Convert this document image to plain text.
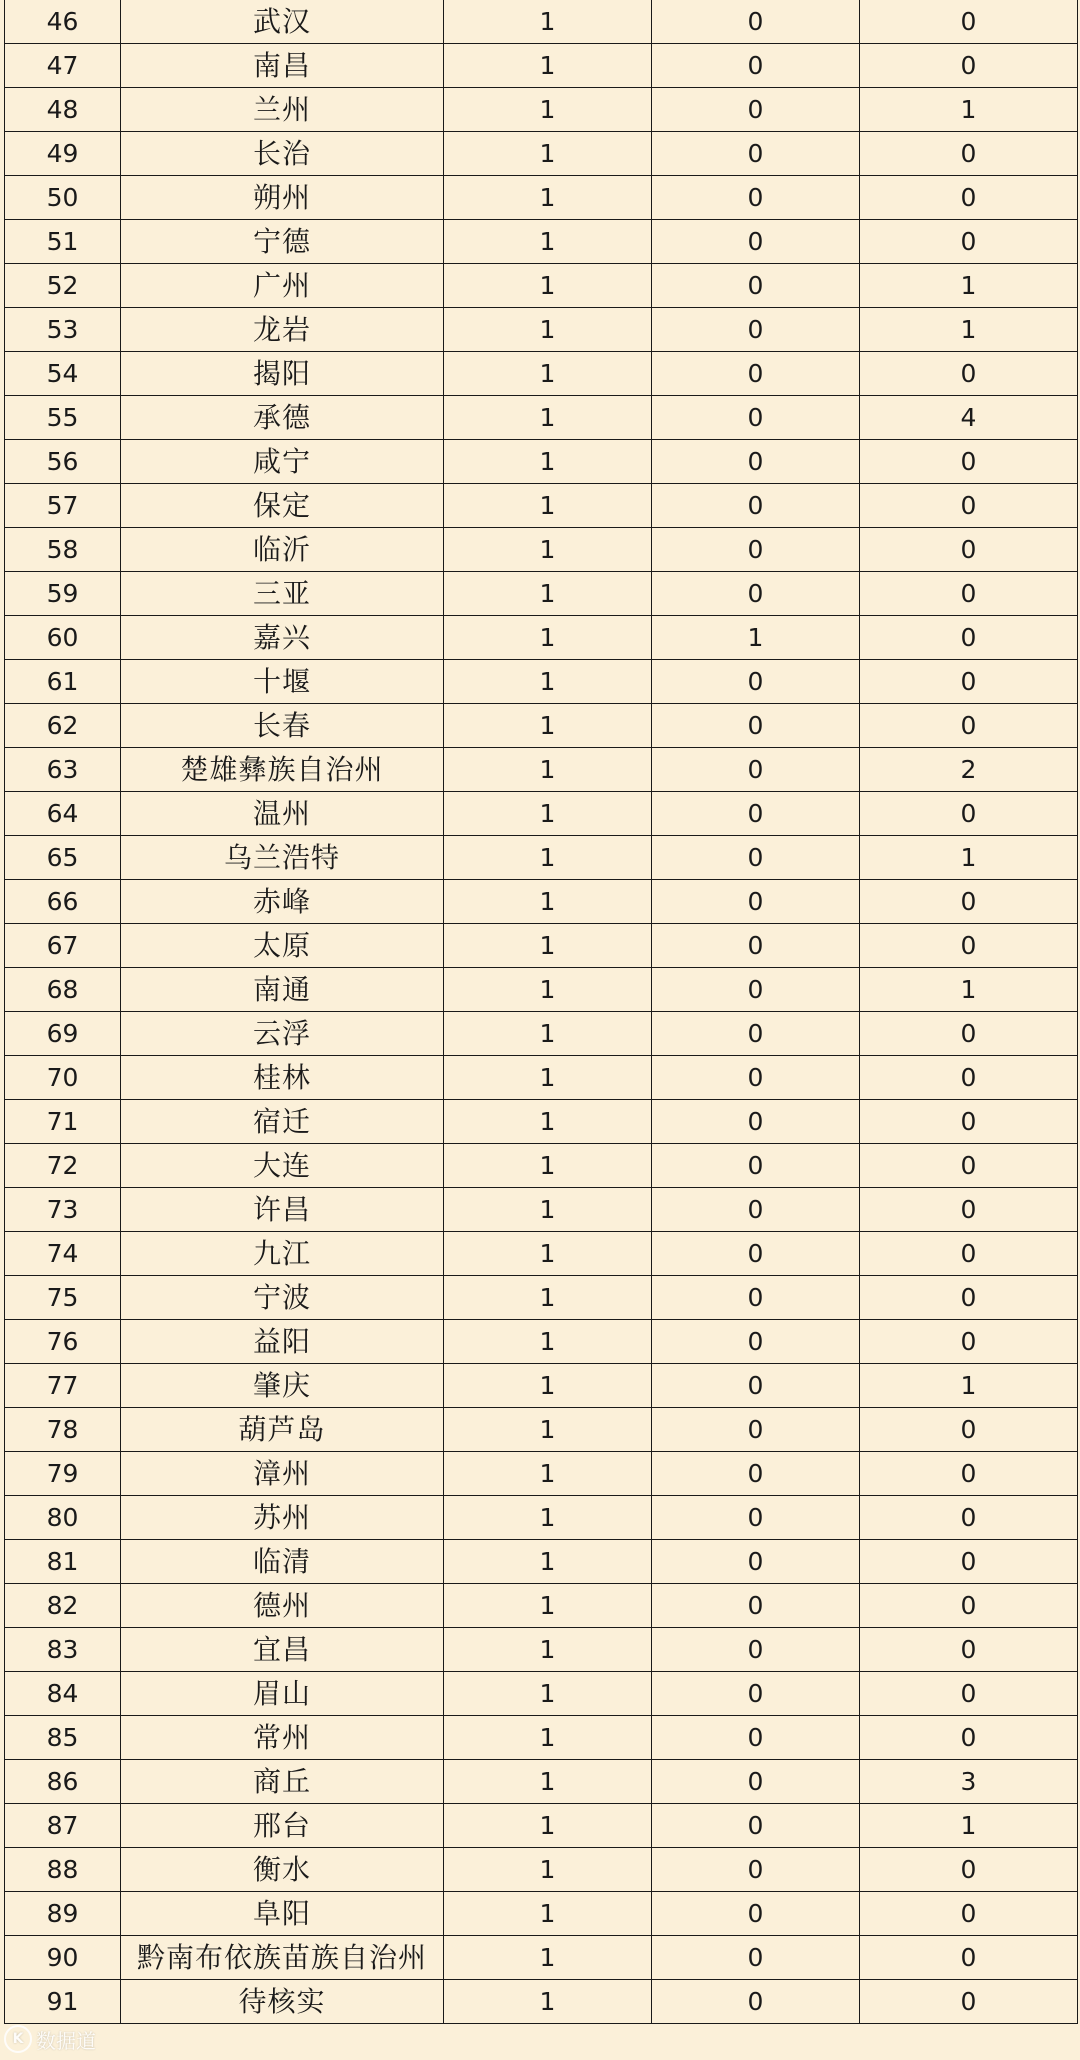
46	武汉	1	0	0
47	南昌	1	0	0
48	兰州	1	0	1
49	长治	1	0	0
50	朔州	1	0	0
51	宁德	1	0	0
52	广州	1	0	1
53	龙岩	1	0	1
54	揭阳	1	0	0
55	承德	1	0	4
56	咸宁	1	0	0
57	保定	1	0	0
58	临沂	1	0	0
59	三亚	1	0	0
60	嘉兴	1	1	0
61	十堰	1	0	0
62	长春	1	0	0
63	楚雄彝族自治州	1	0	2
64	温州	1	0	0
65	乌兰浩特	1	0	1
66	赤峰	1	0	0
67	太原	1	0	0
68	南通	1	0	1
69	云浮	1	0	0
70	桂林	1	0	0
71	宿迁	1	0	0
72	大连	1	0	0
73	许昌	1	0	0
74	九江	1	0	0
75	宁波	1	0	0
76	益阳	1	0	0
77	肇庆	1	0	1
78	葫芦岛	1	0	0
79	漳州	1	0	0
80	苏州	1	0	0
81	临清	1	0	0
82	德州	1	0	0
83	宜昌	1	0	0
84	眉山	1	0	0
85	常州	1	0	0
86	商丘	1	0	3
87	邢台	1	0	1
88	衡水	1	0	0
89	阜阳	1	0	0
90	黔南布依族苗族自治州	1	0	0
91	待核实	1	0	0
K 数据道
